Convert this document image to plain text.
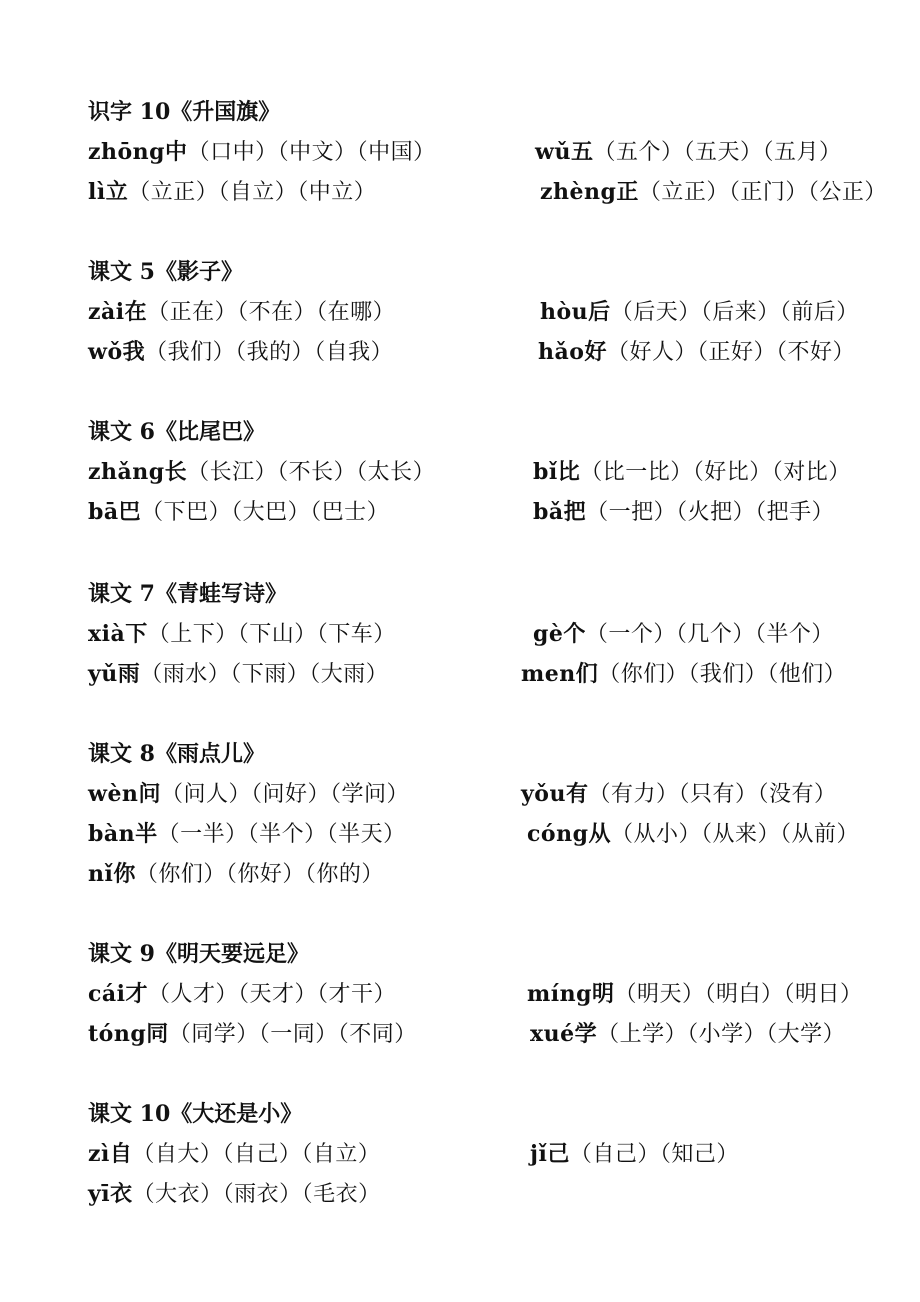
识字 10《升国旗》
zhōng中（口中）（中文）（中国）	wǔ五（五个）（五天）（五月）
lì立（立正）（自立）（中立）	zhèng正（立正）（正门）（公正）
课文 5《影子》
zài在（正在）（不在）（在哪）	hòu后（后天）（后来）（前后）
wǒ我（我们）（我的）（自我）	hǎo好（好人）（正好）（不好）
课文 6《比尾巴》
zhǎng长（长江）（不长）（太长）	bǐ比（比一比）（好比）（对比）
bā巴（下巴）（大巴）（巴士）	bǎ把（一把）（火把）（把手）
课文 7《青蛙写诗》
xià下（上下）（下山）（下车）	gè个（一个）（几个）（半个）
yǔ雨（雨水）（下雨）（大雨）	men们（你们）（我们）（他们）
课文 8《雨点儿》
wèn问（问人）（问好）（学问）	yǒu有（有力）（只有）（没有）
bàn半（一半）（半个）（半天）	cóng从（从小）（从来）（从前）
nǐ你（你们）（你好）（你的）
课文 9《明天要远足》
cái才（人才）（天才）（才干）	míng明（明天）（明白）（明日）
tóng同（同学）（一同）（不同）	xué学（上学）（小学）（大学）
课文 10《大还是小》
zì自（自大）（自己）（自立）	jǐ己（自己）（知己）
yī衣（大衣）（雨衣）（毛衣）
